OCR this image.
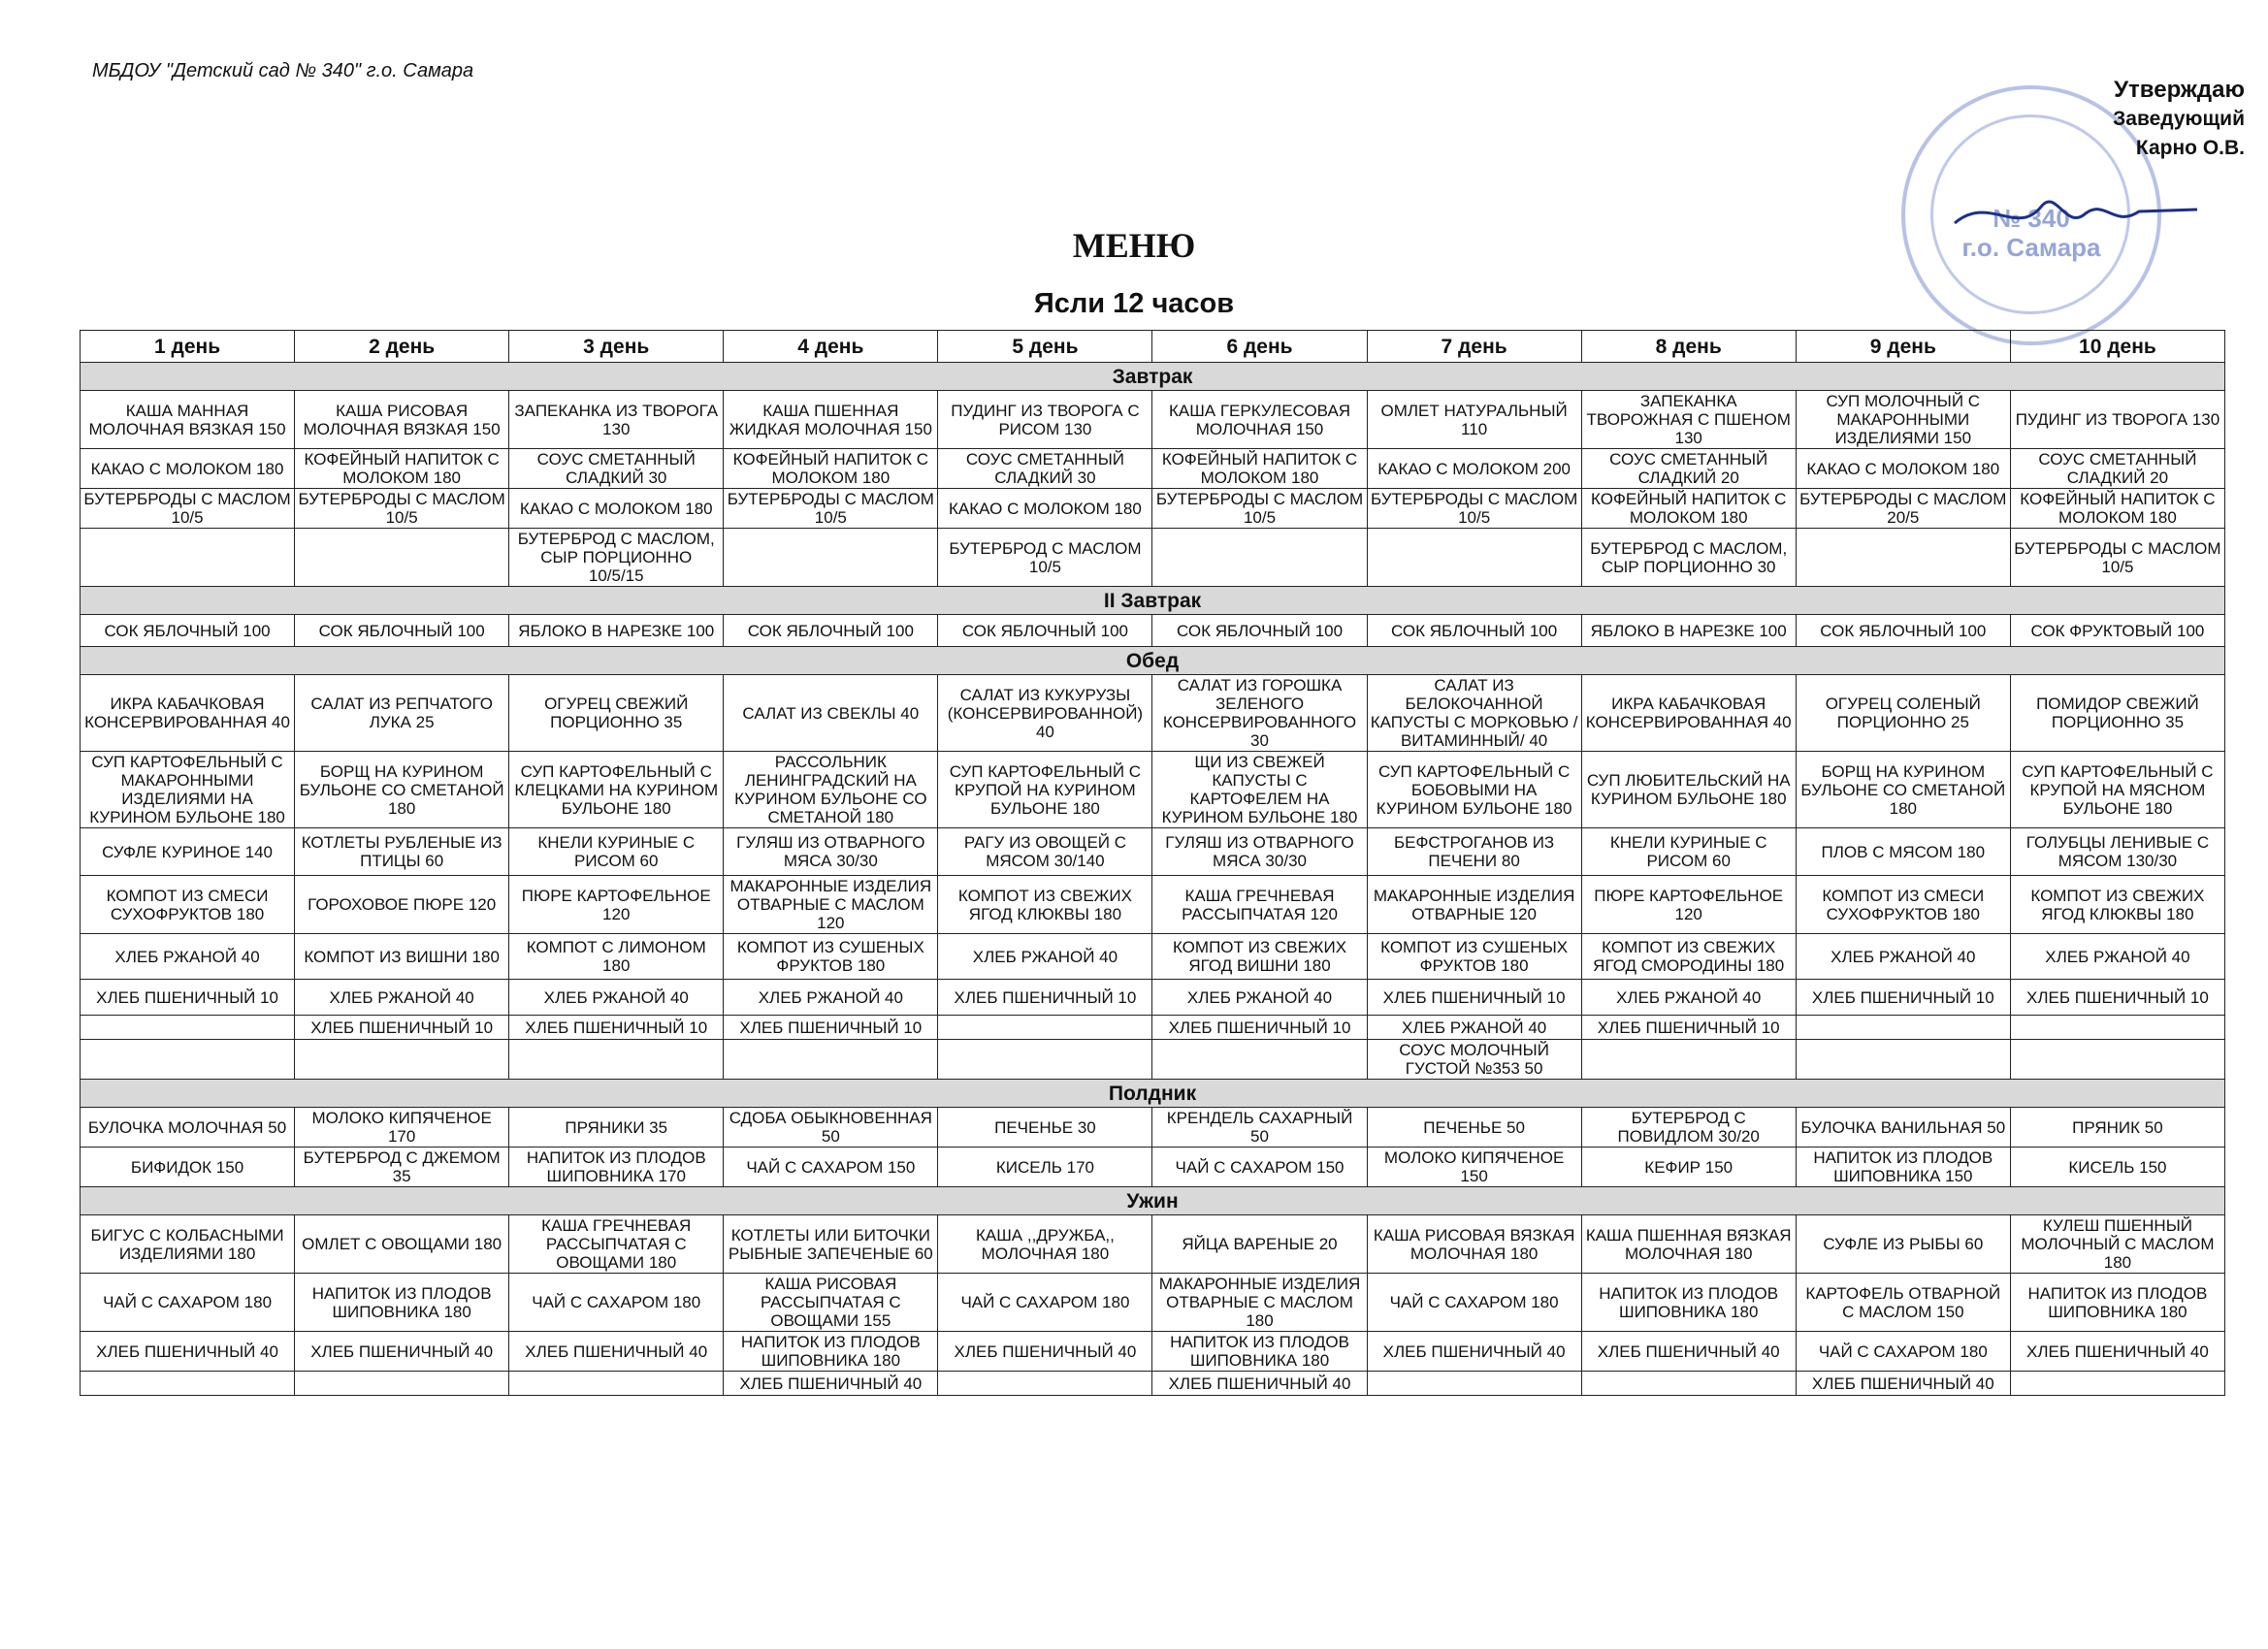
МБДОУ "Детский сад № 340" г.о. Самара
№ 340
г.о. Самара
Утверждаю
Заведующий
Карно О.В.
МЕНЮ
Ясли 12 часов
1 день	2 день	3 день	4 день	5 день	6 день	7 день	8 день	9 день	10 день
Завтрак									
КАША МАННАЯ МОЛОЧНАЯ ВЯЗКАЯ 150	КАША РИСОВАЯ МОЛОЧНАЯ ВЯЗКАЯ 150	ЗАПЕКАНКА ИЗ ТВОРОГА 130	КАША ПШЕННАЯ ЖИДКАЯ МОЛОЧНАЯ 150	ПУДИНГ ИЗ ТВОРОГА С РИСОМ 130	КАША ГЕРКУЛЕСОВАЯ МОЛОЧНАЯ 150	ОМЛЕТ НАТУРАЛЬНЫЙ 110	ЗАПЕКАНКА ТВОРОЖНАЯ С ПШЕНОМ 130	СУП МОЛОЧНЫЙ С МАКАРОННЫМИ ИЗДЕЛИЯМИ 150	ПУДИНГ ИЗ ТВОРОГА 130
КАКАО С МОЛОКОМ 180	КОФЕЙНЫЙ НАПИТОК С МОЛОКОМ 180	СОУС СМЕТАННЫЙ СЛАДКИЙ 30	КОФЕЙНЫЙ НАПИТОК С МОЛОКОМ 180	СОУС СМЕТАННЫЙ СЛАДКИЙ 30	КОФЕЙНЫЙ НАПИТОК С МОЛОКОМ 180	КАКАО С МОЛОКОМ 200	СОУС СМЕТАННЫЙ СЛАДКИЙ 20	КАКАО С МОЛОКОМ 180	СОУС СМЕТАННЫЙ СЛАДКИЙ 20
БУТЕРБРОДЫ С МАСЛОМ 10/5	БУТЕРБРОДЫ С МАСЛОМ 10/5	КАКАО С МОЛОКОМ 180	БУТЕРБРОДЫ С МАСЛОМ 10/5	КАКАО С МОЛОКОМ 180	БУТЕРБРОДЫ С МАСЛОМ 10/5	БУТЕРБРОДЫ С МАСЛОМ 10/5	КОФЕЙНЫЙ НАПИТОК С МОЛОКОМ 180	БУТЕРБРОДЫ С МАСЛОМ 20/5	КОФЕЙНЫЙ НАПИТОК С МОЛОКОМ 180
		БУТЕРБРОД С МАСЛОМ, СЫР ПОРЦИОННО 10/5/15		БУТЕРБРОД С МАСЛОМ 10/5			БУТЕРБРОД С МАСЛОМ, СЫР ПОРЦИОННО 30		БУТЕРБРОДЫ С МАСЛОМ 10/5
II Завтрак									
СОК ЯБЛОЧНЫЙ 100	СОК ЯБЛОЧНЫЙ 100	ЯБЛОКО В НАРЕЗКЕ 100	СОК ЯБЛОЧНЫЙ 100	СОК ЯБЛОЧНЫЙ 100	СОК ЯБЛОЧНЫЙ 100	СОК ЯБЛОЧНЫЙ 100	ЯБЛОКО В НАРЕЗКЕ 100	СОК ЯБЛОЧНЫЙ 100	СОК ФРУКТОВЫЙ 100
Обед									
ИКРА КАБАЧКОВАЯ КОНСЕРВИРОВАННАЯ 40	САЛАТ ИЗ РЕПЧАТОГО ЛУКА 25	ОГУРЕЦ СВЕЖИЙ ПОРЦИОННО 35	САЛАТ ИЗ СВЕКЛЫ 40	САЛАТ ИЗ КУКУРУЗЫ (КОНСЕРВИРОВАННОЙ) 40	САЛАТ ИЗ ГОРОШКА ЗЕЛЕНОГО КОНСЕРВИРОВАННОГО 30	САЛАТ ИЗ БЕЛОКОЧАННОЙ КАПУСТЫ С МОРКОВЬЮ /ВИТАМИННЫЙ/ 40	ИКРА КАБАЧКОВАЯ КОНСЕРВИРОВАННАЯ 40	ОГУРЕЦ СОЛЕНЫЙ ПОРЦИОННО 25	ПОМИДОР СВЕЖИЙ ПОРЦИОННО 35
СУП КАРТОФЕЛЬНЫЙ С МАКАРОННЫМИ ИЗДЕЛИЯМИ НА КУРИНОМ БУЛЬОНЕ 180	БОРЩ НА КУРИНОМ БУЛЬОНЕ СО СМЕТАНОЙ 180	СУП КАРТОФЕЛЬНЫЙ С КЛЕЦКАМИ НА КУРИНОМ БУЛЬОНЕ 180	РАССОЛЬНИК ЛЕНИНГРАДСКИЙ НА КУРИНОМ БУЛЬОНЕ СО СМЕТАНОЙ 180	СУП КАРТОФЕЛЬНЫЙ С КРУПОЙ НА КУРИНОМ БУЛЬОНЕ 180	ЩИ ИЗ СВЕЖЕЙ КАПУСТЫ С КАРТОФЕЛЕМ НА КУРИНОМ БУЛЬОНЕ 180	СУП КАРТОФЕЛЬНЫЙ С БОБОВЫМИ НА КУРИНОМ БУЛЬОНЕ 180	СУП ЛЮБИТЕЛЬСКИЙ НА КУРИНОМ БУЛЬОНЕ 180	БОРЩ НА КУРИНОМ БУЛЬОНЕ СО СМЕТАНОЙ 180	СУП КАРТОФЕЛЬНЫЙ С КРУПОЙ НА МЯСНОМ БУЛЬОНЕ 180
СУФЛЕ КУРИНОЕ 140	КОТЛЕТЫ РУБЛЕНЫЕ ИЗ ПТИЦЫ 60	КНЕЛИ КУРИНЫЕ С РИСОМ 60	ГУЛЯШ ИЗ ОТВАРНОГО МЯСА 30/30	РАГУ ИЗ ОВОЩЕЙ С МЯСОМ 30/140	ГУЛЯШ ИЗ ОТВАРНОГО МЯСА 30/30	БЕФСТРОГАНОВ ИЗ ПЕЧЕНИ 80	КНЕЛИ КУРИНЫЕ С РИСОМ 60	ПЛОВ С МЯСОМ 180	ГОЛУБЦЫ ЛЕНИВЫЕ С МЯСОМ 130/30
КОМПОТ ИЗ СМЕСИ СУХОФРУКТОВ 180	ГОРОХОВОЕ ПЮРЕ 120	ПЮРЕ КАРТОФЕЛЬНОЕ 120	МАКАРОННЫЕ ИЗДЕЛИЯ ОТВАРНЫЕ С МАСЛОМ 120	КОМПОТ ИЗ СВЕЖИХ ЯГОД КЛЮКВЫ 180	КАША ГРЕЧНЕВАЯ РАССЫПЧАТАЯ 120	МАКАРОННЫЕ ИЗДЕЛИЯ ОТВАРНЫЕ 120	ПЮРЕ КАРТОФЕЛЬНОЕ 120	КОМПОТ ИЗ СМЕСИ СУХОФРУКТОВ 180	КОМПОТ ИЗ СВЕЖИХ ЯГОД КЛЮКВЫ 180
ХЛЕБ РЖАНОЙ 40	КОМПОТ ИЗ ВИШНИ 180	КОМПОТ С ЛИМОНОМ 180	КОМПОТ ИЗ СУШЕНЫХ ФРУКТОВ 180	ХЛЕБ РЖАНОЙ 40	КОМПОТ ИЗ СВЕЖИХ ЯГОД ВИШНИ 180	КОМПОТ ИЗ СУШЕНЫХ ФРУКТОВ 180	КОМПОТ ИЗ СВЕЖИХ ЯГОД СМОРОДИНЫ 180	ХЛЕБ РЖАНОЙ 40	ХЛЕБ РЖАНОЙ 40
ХЛЕБ ПШЕНИЧНЫЙ 10	ХЛЕБ РЖАНОЙ 40	ХЛЕБ РЖАНОЙ 40	ХЛЕБ РЖАНОЙ 40	ХЛЕБ ПШЕНИЧНЫЙ 10	ХЛЕБ РЖАНОЙ 40	ХЛЕБ ПШЕНИЧНЫЙ 10	ХЛЕБ РЖАНОЙ 40	ХЛЕБ ПШЕНИЧНЫЙ 10	ХЛЕБ ПШЕНИЧНЫЙ 10
	ХЛЕБ ПШЕНИЧНЫЙ 10	ХЛЕБ ПШЕНИЧНЫЙ 10	ХЛЕБ ПШЕНИЧНЫЙ 10		ХЛЕБ ПШЕНИЧНЫЙ 10	ХЛЕБ РЖАНОЙ 40	ХЛЕБ ПШЕНИЧНЫЙ 10		
						СОУС МОЛОЧНЫЙ ГУСТОЙ №353 50			
Полдник									
БУЛОЧКА МОЛОЧНАЯ 50	МОЛОКО КИПЯЧЕНОЕ 170	ПРЯНИКИ 35	СДОБА ОБЫКНОВЕННАЯ 50	ПЕЧЕНЬЕ 30	КРЕНДЕЛЬ САХАРНЫЙ 50	ПЕЧЕНЬЕ 50	БУТЕРБРОД С ПОВИДЛОМ 30/20	БУЛОЧКА ВАНИЛЬНАЯ 50	ПРЯНИК 50
БИФИДОК 150	БУТЕРБРОД С ДЖЕМОМ 35	НАПИТОК ИЗ ПЛОДОВ ШИПОВНИКА 170	ЧАЙ С САХАРОМ 150	КИСЕЛЬ 170	ЧАЙ С САХАРОМ 150	МОЛОКО КИПЯЧЕНОЕ 150	КЕФИР 150	НАПИТОК ИЗ ПЛОДОВ ШИПОВНИКА 150	КИСЕЛЬ 150
Ужин									
БИГУС С КОЛБАСНЫМИ ИЗДЕЛИЯМИ 180	ОМЛЕТ С ОВОЩАМИ 180	КАША ГРЕЧНЕВАЯ РАССЫПЧАТАЯ С ОВОЩАМИ 180	КОТЛЕТЫ ИЛИ БИТОЧКИ РЫБНЫЕ ЗАПЕЧЕНЫЕ 60	КАША ,,ДРУЖБА,, МОЛОЧНАЯ 180	ЯЙЦА ВАРЕНЫЕ 20	КАША РИСОВАЯ ВЯЗКАЯ МОЛОЧНАЯ 180	КАША ПШЕННАЯ ВЯЗКАЯ МОЛОЧНАЯ 180	СУФЛЕ ИЗ РЫБЫ 60	КУЛЕШ ПШЕННЫЙ МОЛОЧНЫЙ С МАСЛОМ 180
ЧАЙ С САХАРОМ 180	НАПИТОК ИЗ ПЛОДОВ ШИПОВНИКА 180	ЧАЙ С САХАРОМ 180	КАША РИСОВАЯ РАССЫПЧАТАЯ С ОВОЩАМИ 155	ЧАЙ С САХАРОМ 180	МАКАРОННЫЕ ИЗДЕЛИЯ ОТВАРНЫЕ С МАСЛОМ 180	ЧАЙ С САХАРОМ 180	НАПИТОК ИЗ ПЛОДОВ ШИПОВНИКА 180	КАРТОФЕЛЬ ОТВАРНОЙ С МАСЛОМ 150	НАПИТОК ИЗ ПЛОДОВ ШИПОВНИКА 180
ХЛЕБ ПШЕНИЧНЫЙ 40	ХЛЕБ ПШЕНИЧНЫЙ 40	ХЛЕБ ПШЕНИЧНЫЙ 40	НАПИТОК ИЗ ПЛОДОВ ШИПОВНИКА 180	ХЛЕБ ПШЕНИЧНЫЙ 40	НАПИТОК ИЗ ПЛОДОВ ШИПОВНИКА 180	ХЛЕБ ПШЕНИЧНЫЙ 40	ХЛЕБ ПШЕНИЧНЫЙ 40	ЧАЙ С САХАРОМ 180	ХЛЕБ ПШЕНИЧНЫЙ 40
			ХЛЕБ ПШЕНИЧНЫЙ 40		ХЛЕБ ПШЕНИЧНЫЙ 40			ХЛЕБ ПШЕНИЧНЫЙ 40	
